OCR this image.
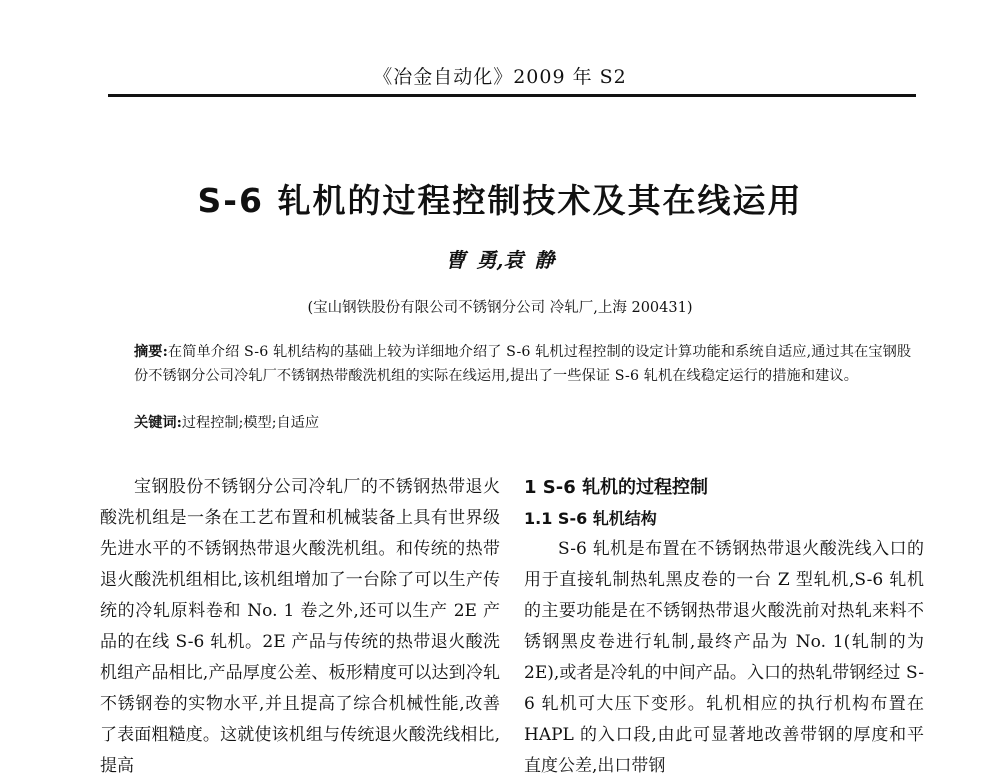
《冶金自动化》2009 年 S2
S-6 轧机的过程控制技术及其在线运用
曹 勇,袁 静
(宝山钢铁股份有限公司不锈钢分公司 冷轧厂,上海 200431)
摘要:在简单介绍 S-6 轧机结构的基础上较为详细地介绍了 S-6 轧机过程控制的设定计算功能和系统自适应,通过其在宝钢股份不锈钢分公司冷轧厂不锈钢热带酸洗机组的实际在线运用,提出了一些保证 S-6 轧机在线稳定运行的措施和建议。
关键词:过程控制;模型;自适应

宝钢股份不锈钢分公司冷轧厂的不锈钢热带退火酸洗机组是一条在工艺布置和机械装备上具有世界级先进水平的不锈钢热带退火酸洗机组。和传统的热带退火酸洗机组相比,该机组增加了一台除了可以生产传统的冷轧原料卷和 No. 1 卷之外,还可以生产 2E 产品的在线 S-6 轧机。2E 产品与传统的热带退火酸洗机组产品相比,产品厚度公差、板形精度可以达到冷轧不锈钢卷的实物水平,并且提高了综合机械性能,改善了表面粗糙度。这就使该机组与传统退火酸洗线相比,提高

1 S-6 轧机的过程控制
1.1 S-6 轧机结构

S-6 轧机是布置在不锈钢热带退火酸洗线入口的用于直接轧制热轧黑皮卷的一台 Z 型轧机,S-6 轧机的主要功能是在不锈钢热带退火酸洗前对热轧来料不锈钢黑皮卷进行轧制,最终产品为 No. 1(轧制的为 2E),或者是冷轧的中间产品。入口的热轧带钢经过 S-6 轧机可大压下变形。轧机相应的执行机构布置在 HAPL 的入口段,由此可显著地改善带钢的厚度和平直度公差,出口带钢
